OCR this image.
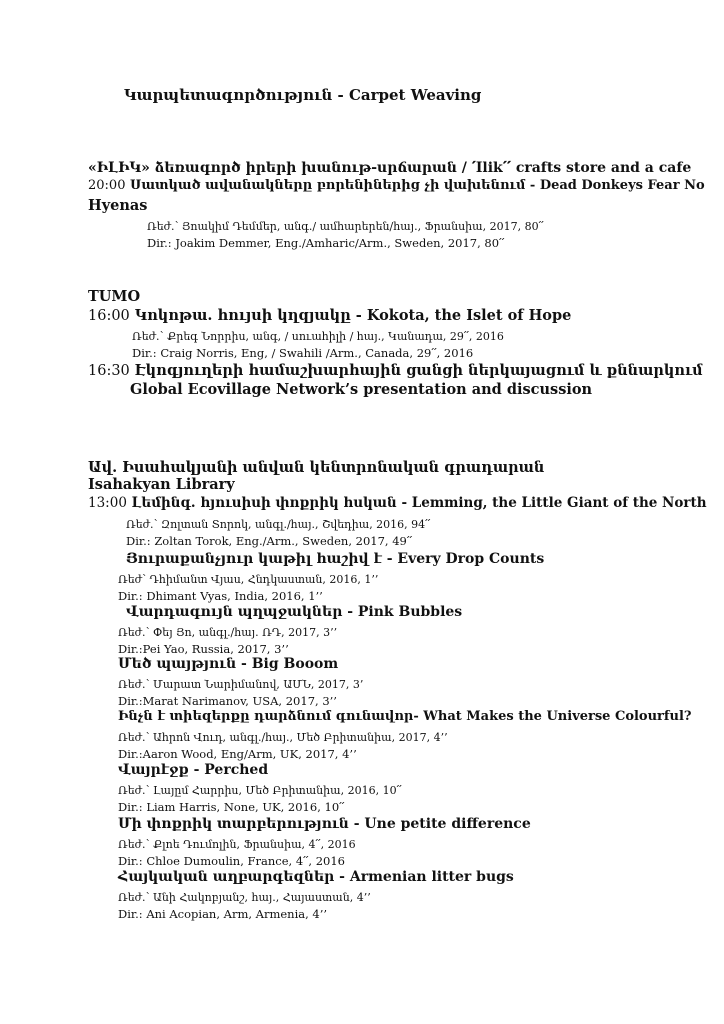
Կարպետագործություն - Carpet Weaving
«ԻԼԻԿ» ձեռագործ իրերի խանութ-սրճարան / ՛Ilik՛՛ crafts store and a cafe
20:00 Սատկած ավանակները բորենիներից չի վախենում - Dead Donkeys Fear No
Hyenas
Ռեժ.՝ Յոակիմ Դեմմեր, անգ./ ամհարերեն/հայ., Ֆրանսիա, 2017, 80՛՛
Dir.: Joakim Demmer, Eng./Amharic/Arm., Sweden, 2017, 80՛՛
TUMO
16:00 Կոկոթա. հույսի կղզյակը - Kokota, the Islet of Hope
Ռեժ.՝ Քրեգ Նորրիս, անգ, / սուահիլի / հայ., Կանադա, 29՛՛, 2016
Dir.: Craig Norris, Eng, / Swahili /Arm., Canada, 29՛՛, 2016
16:30 Էկոգյուղերի համաշխարհային ցանցի ներկայացում և քննարկում
Global Ecovillage Network’s presentation and discussion
Ավ. Իսահակյանի անվան կենտրոնական գրադարան
Isahakyan Library
13:00 Լեմինգ. հյուսիսի փոքրիկ հսկան - Lemming, the Little Giant of the North
Ռեժ.՝ Զոլտան Տորոկ, անգլ./հայ., Շվեդիա, 2016, 94՛՛
Dir.: Zoltan Torok, Eng./Arm., Sweden, 2017, 49՛՛
Յուրաքանչյուր կաթիլ հաշիվ է - Every Drop Counts
Ռեժ՝ Դհիմանտ Վյաս, Հնդկաստան, 2016, 1’’
Dir.: Dhimant Vyas, India, 2016, 1’’
Վարդագույն պղպջակներ - Pink Bubbles
Ռեժ.՝ Փեյ Յո, անգլ./հայ. ՌԴ, 2017, 3’’
Dir.:Pei Yao, Russia, 2017, 3’’
Մեծ պայթյուն - Big Booom
Ռեժ.՝ Մարատ Նարիմանով, ԱՄՆ, 2017, 3’
Dir.:Marat Narimanov, USA, 2017, 3’’
Ինչն է տիեզերքը դարձնում գունավոր- What Makes the Universe Colourful?
Ռեժ.՝ Ահրոն Վուդ, անգլ./հայ., Մեծ Բրիտանիա, 2017, 4’’
Dir.:Aaron Wood, Eng/Arm, UK, 2017, 4’’
Վայրէջք - Perched
Ռեժ.՝ Լայըմ Հարրիս, Մեծ Բրիտանիա, 2016, 10՛՛
Dir.: Liam Harris, None, UK, 2016, 10՛՛
Մի փոքրիկ տարբերություն - Une petite difference
Ռեժ.՝ Քլոե Դումոլին, Ֆրանսիա, 4՛՛, 2016
Dir.: Chloe Dumoulin, France, 4՛՛, 2016
Հայկական աղբարգեզներ - Armenian litter bugs
Ռեժ.՝ Անի Հակոբյանշ, հայ., Հայաստան, 4’’
Dir.: Ani Acopian, Arm, Armenia, 4’’
